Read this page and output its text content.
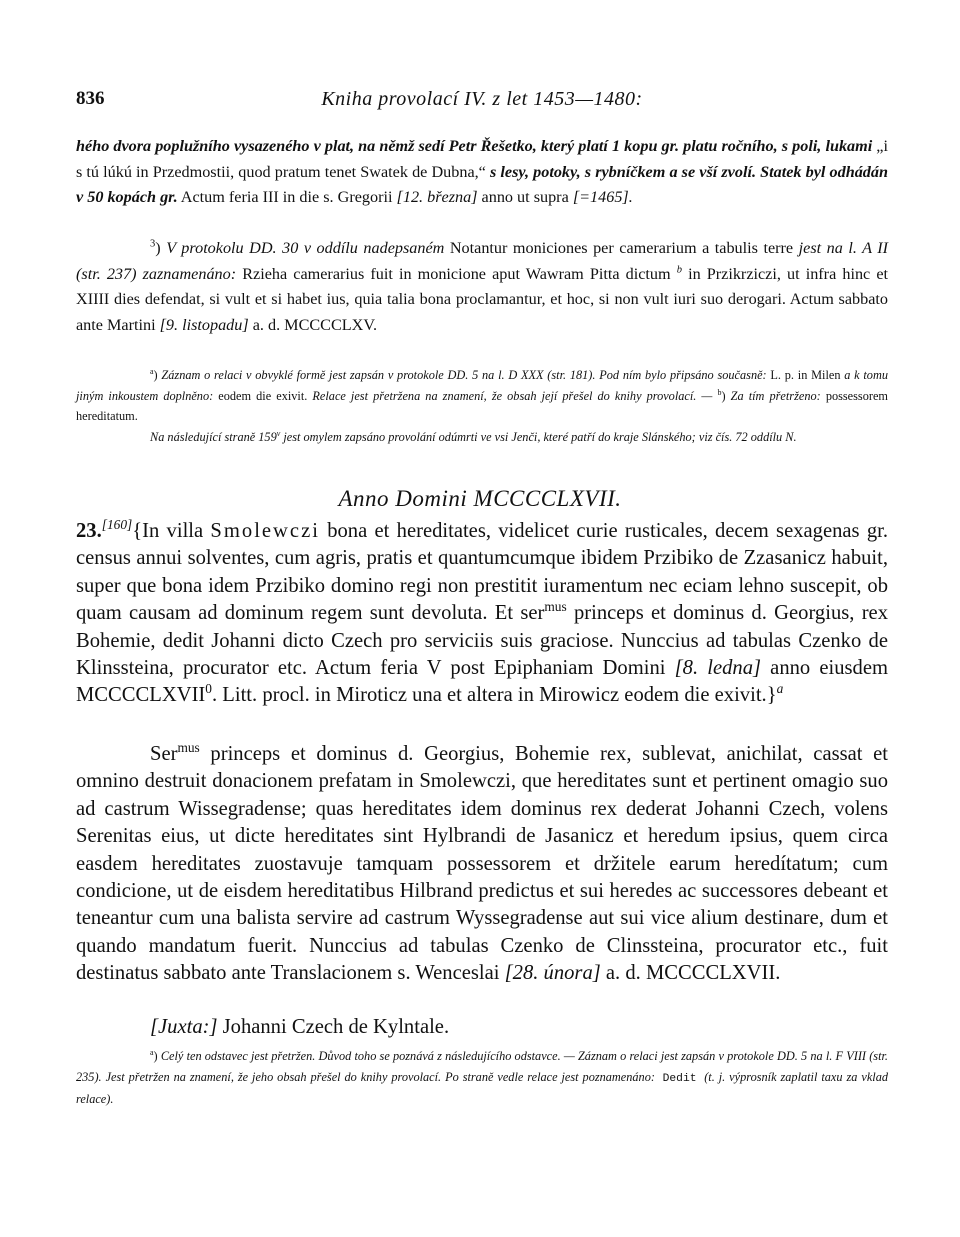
836	Kniha provolací IV. z let 1453—1480:

hého dvora poplužního vysazeného v plat, na němž sedí Petr Řešetko, který platí 1 kopu gr. platu ročního, s poli, lukami „i s tú lúkú in Przedmostii, quod pratum tenet Swatek de Dubna,“ s lesy, potoky, s rybníčkem a se vší zvolí. Statek byl odhádán v 50 kopách gr. Actum feria III in die s. Gregorii [12. března] anno ut supra [=1465].

$^3$) V protokolu DD. 30 v oddílu nadepsaném Notantur moniciones per camerarium a tabulis terre jest na l. A II (str. 237) zaznamenáno: Rzieha camerarius fuit in monicione aput Wawram Pitta dictum $^b$ in Przikrziczi, ut infra hinc et XIIII dies defendat, si vult et si habet ius, quia talia bona proclamantur, et hoc, si non vult iuri suo derogari. Actum sabbato ante Martini [9. listopadu] a. d. MCCCCLXV.

$^a$) Záznam o relaci v obvyklé formě jest zapsán v protokole DD. 5 na l. D XXX (str. 181). Pod ním bylo připsáno současně: L. p. in Milen a k tomu jiným inkoustem doplněno: eodem die exivit. Relace jest přetržena na znamení, že obsah její přešel do knihy provolací. — $^b$) Za tím přetrženo: possessorem hereditatum.

Na následující straně 159$^v$ jest omylem zapsáno provolání odúmrti ve vsi Jenči, které patří do kraje Slánského; viz čís. 72 oddílu N.

Anno Domini MCCCCLXVII.

23.[160]{In villa Smolewczi bona et hereditates, videlicet curie rusticales, decem sexagenas gr. census annui solventes, cum agris, pratis et quantumcumque ibidem Przibiko de Zzasanicz habuit, super que bona idem Przibiko domino regi non prestitit iuramentum nec eciam lehno suscepit, ob quam causam ad dominum regem sunt devoluta. Et ser$^{mus}$ princeps et dominus d. Georgius, rex Bohemie, dedit Johanni dicto Czech pro serviciis suis graciose. Nunccius ad tabulas Czenko de Klinssteina, procurator etc. Actum feria V post Epiphaniam Domini [8. ledna] anno eiusdem MCCCCLXVII$^0$. Litt. procl. in Miroticz una et altera in Mirowicz eodem die exivit.}$^a$

Ser$^{mus}$ princeps et dominus d. Georgius, Bohemie rex, sublevat, anichilat, cassat et omnino destruit donacionem prefatam in Smolewczi, que hereditates sunt et pertinent omagio suo ad castrum Wissegradense; quas hereditates idem dominus rex dederat Johanni Czech, volens Serenitas eius, ut dicte hereditates sint Hylbrandi de Jasanicz et heredum ipsius, quem circa easdem hereditates zuostavuje tamquam possessorem et držitele earum heredítatum; cum condicione, ut de eisdem hereditatibus Hilbrand predictus et sui heredes ac successores debeant et teneantur cum una balista servire ad castrum Wyssegradense aut sui vice alium destinare, dum et quando mandatum fuerit. Nunccius ad tabulas Czenko de Clinssteina, procurator etc., fuit destinatus sabbato ante Translacionem s. Wenceslai [28. února] a. d. MCCCCLXVII.

[Juxta:] Johanni Czech de Kylntale.

$^a$) Celý ten odstavec jest přetržen. Důvod toho se poznává z následujícího odstavce. — Záznam o relaci jest zapsán v protokole DD. 5 na l. F VIII (str. 235). Jest přetržen na znamení, že jeho obsah přešel do knihy provolací. Po straně vedle relace jest poznamenáno: Dedit (t. j. výprosník zaplatil taxu za vklad relace).
